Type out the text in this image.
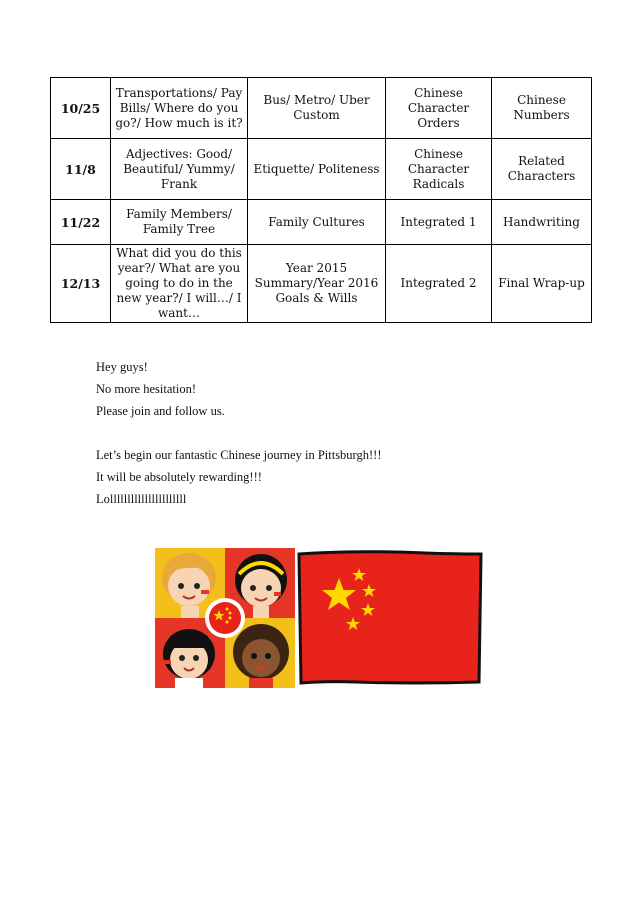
10/25	Transportations/ Pay Bills/ Where do you go?/ How much is it?	Bus/ Metro/ Uber Custom	Chinese Character Orders	Chinese Numbers
11/8	Adjectives: Good/ Beautiful/ Yummy/ Frank	Etiquette/ Politeness	Chinese Character Radicals	Related Characters
11/22	Family Members/ Family Tree	Family Cultures	Integrated 1	Handwriting
12/13	What did you do this year?/ What are you going to do in the new year?/ I will…/ I want…	Year 2015 Summary/Year 2016 Goals & Wills	Integrated 2	Final Wrap-up

Hey guys!

No more hesitation!

Please join and follow us.

Let’s begin our fantastic Chinese journey in Pittsburgh!!!

It will be absolutely rewarding!!!

Lollllllllllllllllllllll
